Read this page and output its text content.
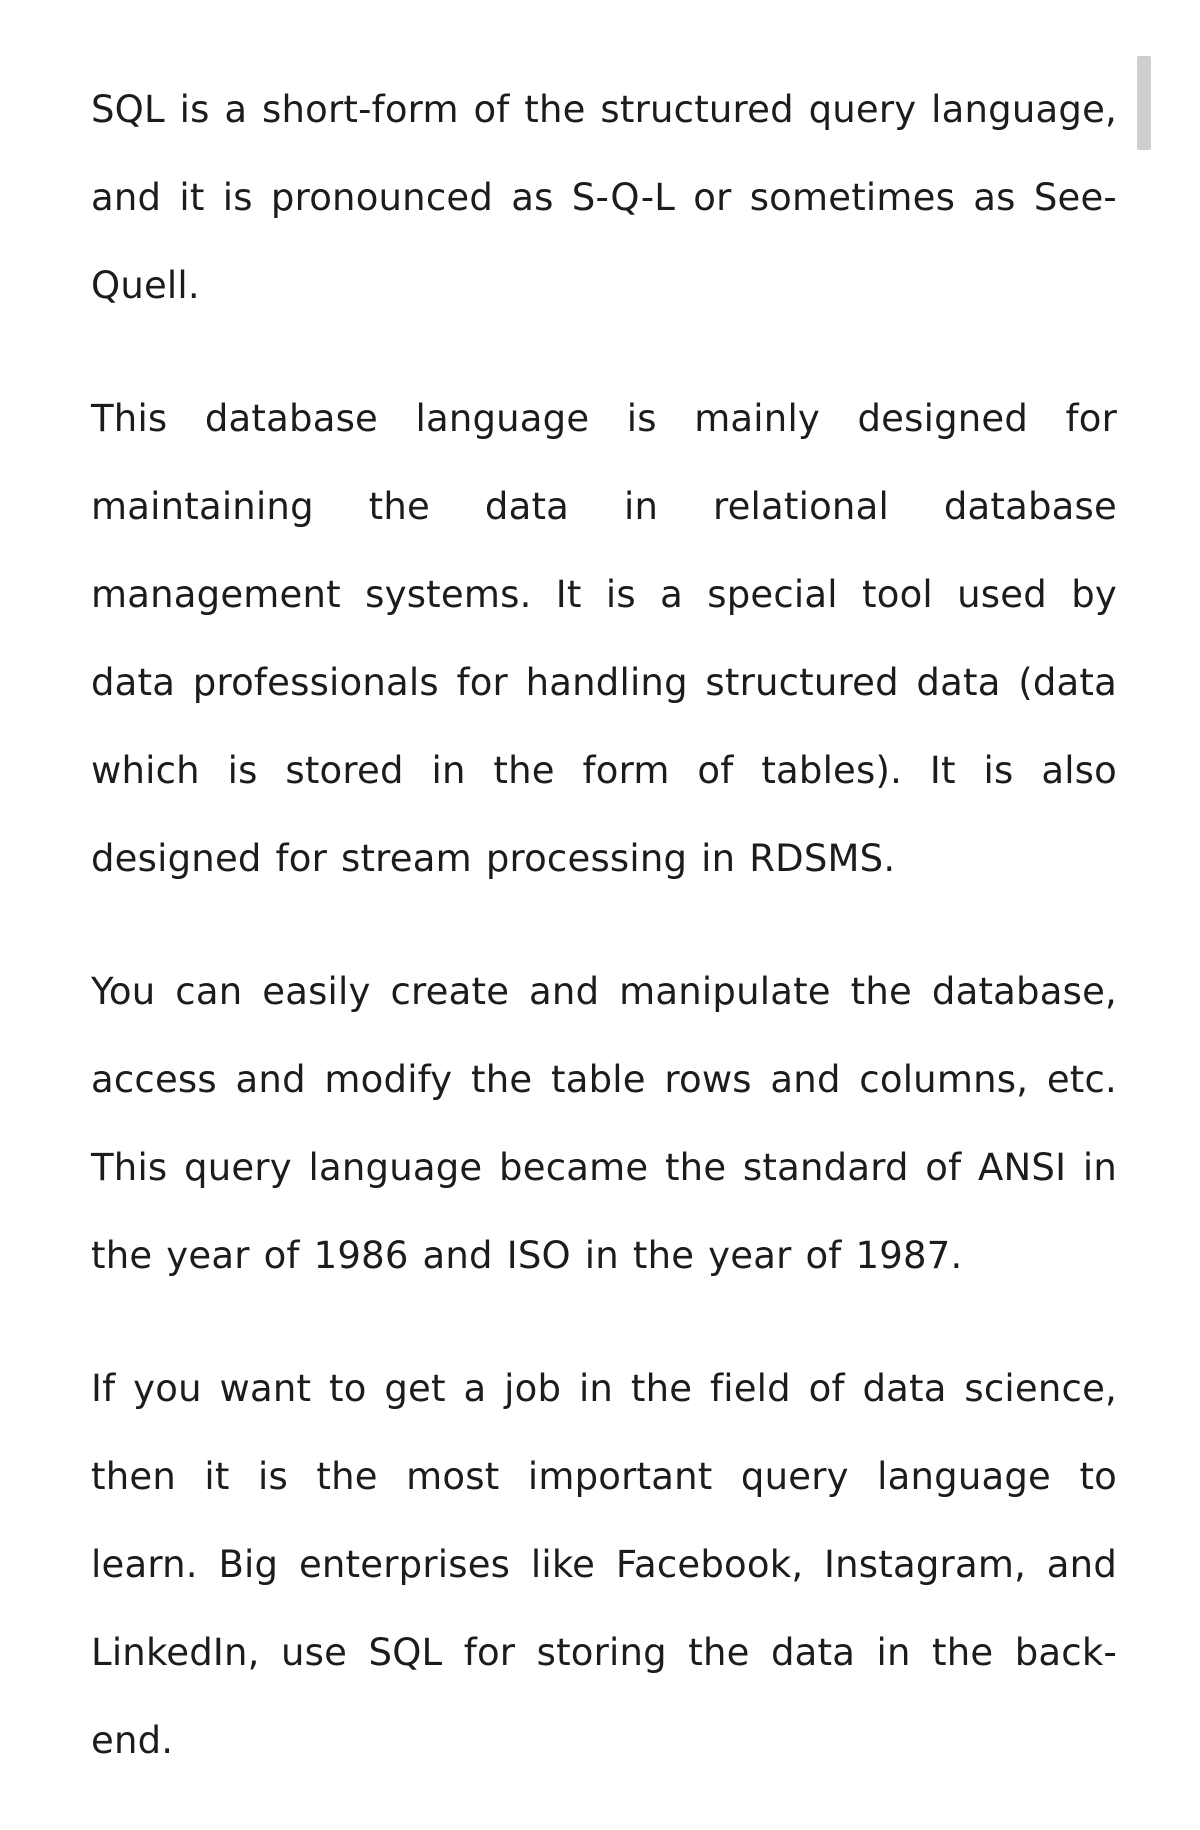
SQL is a short-form of the structured query language, and it is pronounced as S-Q-L or sometimes as See-Quell.

This database language is mainly designed for maintaining the data in relational database management systems. It is a special tool used by data professionals for handling structured data (data which is stored in the form of tables). It is also designed for stream processing in RDSMS.

You can easily create and manipulate the database, access and modify the table rows and columns, etc. This query language became the standard of ANSI in the year of 1986 and ISO in the year of 1987.

If you want to get a job in the field of data science, then it is the most important query language to learn. Big enterprises like Facebook, Instagram, and LinkedIn, use SQL for storing the data in the back-end.
